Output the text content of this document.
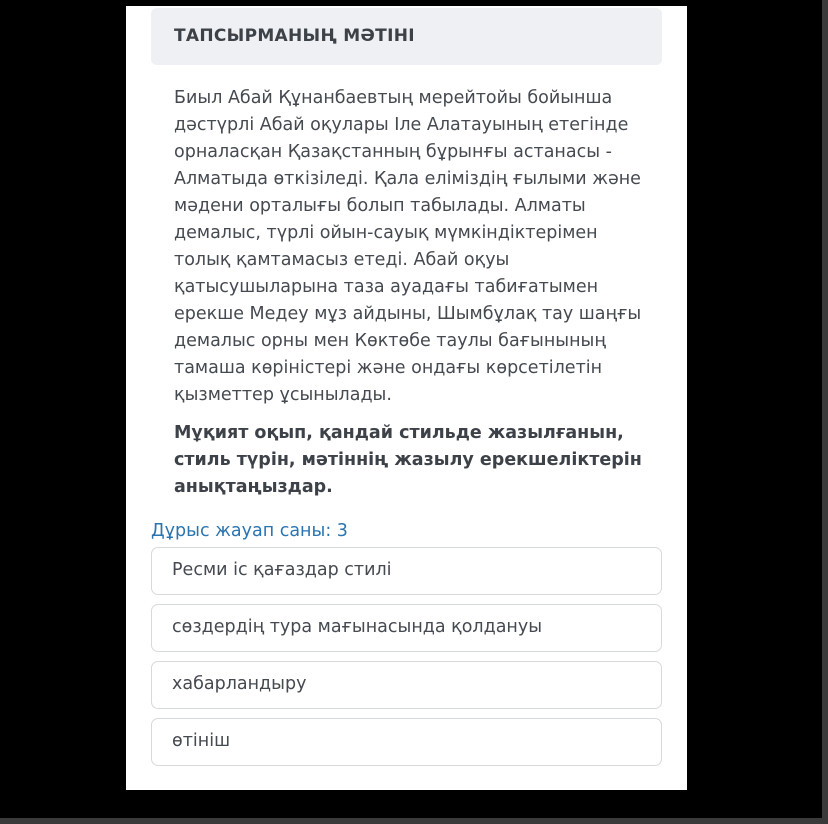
ТАПСЫРМАНЫҢ МӘТІНІ
Биыл Абай Құнанбаевтың мерейтойы бойынша
дәстүрлі Абай оқулары Іле Алатауының етегінде
орналасқан Қазақстанның бұрынғы астанасы -
Алматыда өткізіледі. Қала еліміздің ғылыми және
мәдени орталығы болып табылады. Алматы
демалыс, түрлі ойын-сауық мүмкіндіктерімен
толық қамтамасыз етеді. Абай оқуы
қатысушыларына таза ауадағы табиғатымен
ерекше Медеу мұз айдыны, Шымбұлақ тау шаңғы
демалыс орны мен Көктөбе таулы бағынының
тамаша көріністері және ондағы көрсетілетін
қызметтер ұсынылады.
Мұқият оқып, қандай стильде жазылғанын,
стиль түрін, мәтіннің жазылу ерекшеліктерін
анықтаңыздар.
Дұрыс жауап саны: 3
Ресми іс қағаздар стилі
сөздердің тура мағынасында қолдануы
хабарландыру
өтініш
